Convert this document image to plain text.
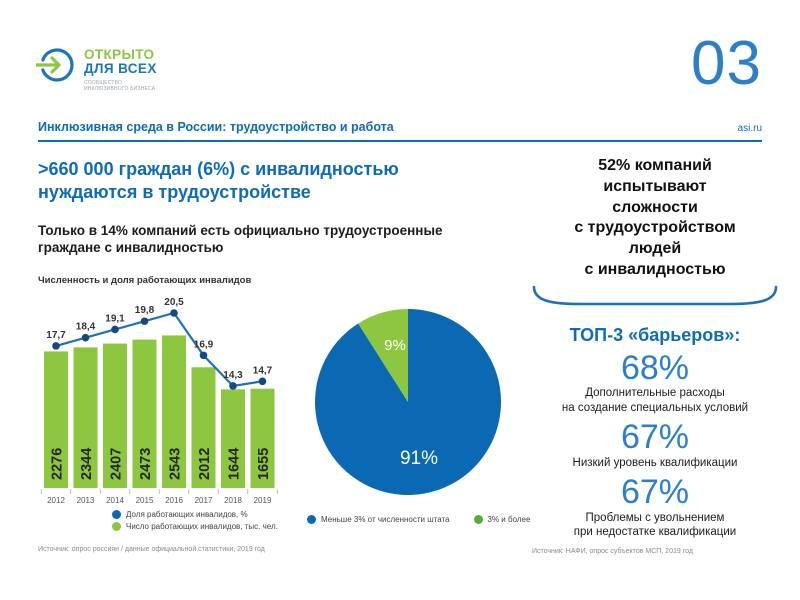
ОТКРЫТО
ДЛЯ ВСЕХ
СООБЩЕСТВО
ИНКЛЮЗИВНОГО БИЗНЕСА	03
Инклюзивная среда в России: трудоустройство и работа	asi.ru
>660 000 граждан (6%) с инвалидностью
нуждаются в трудоустройстве
Только в 14% компаний есть официально трудоустроенные
граждане с инвалидностью
Численность и доля работающих инвалидов
2276
2012
2344
2013
2407
2014
2473
2015
2543
2016
2012
2017
1644
2018
1655
2019
17,7
18,4
19,1
19,8
20,5
16,9
14,3 14,7
Доля работающих инвалидов, %
Число работающих инвалидов, тыс. чел.
91%
9%
Меньше 3% от численности штата	3% и более
Источник: опрос россиян / данные официальной статистики, 2019 год	Источник: НАФИ, опрос субъектов МСП, 2019 год
52% компаний
испытывают
сложности
с трудоустройством
людей
с инвалидностью
ТОП-3 «барьеров»:
68%
Дополнительные расходы
на создание специальных условий
67%
Низкий уровень квалификации
67%
Проблемы с увольнением
при недостатке квалификации
